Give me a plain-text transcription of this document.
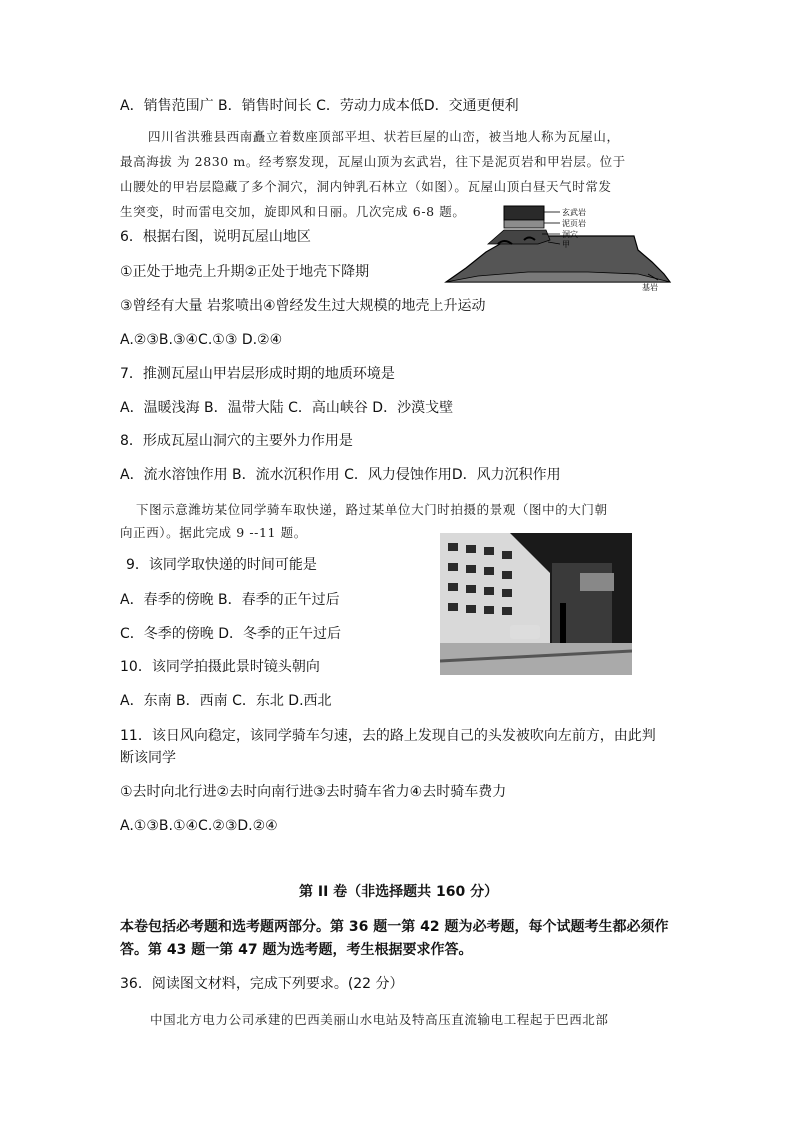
A．销售范围广 B．销售时间长 C．劳动力成本低D．交通更便利
四川省洪雅县西南矗立着数座顶部平坦、状若巨屋的山峦，被当地人称为瓦屋山，
最高海拔 为 2830 m。经考察发现，瓦屋山顶为玄武岩，往下是泥页岩和甲岩层。位于
山腰处的甲岩层隐藏了多个洞穴，洞内钟乳石林立（如图）。瓦屋山顶白昼天气时常发
生突变，时而雷电交加，旋即风和日丽。几次完成 6-8 题。	玄武岩
泥页岩
洞穴
甲
基岩
瓦屋山地质构造
6．根据右图，说明瓦屋山地区
①正处于地壳上升期②正处于地壳下降期
③曾经有大量 岩浆喷出④曾经发生过大规模的地壳上升运动
A.②③B.③④C.①③ D.②④
7．推测瓦屋山甲岩层形成时期的地质环境是
A．温暖浅海 B．温带大陆 C．高山峡谷 D．沙漠戈壁
8．形成瓦屋山洞穴的主要外力作用是
A．流水溶蚀作用 B．流水沉积作用 C．风力侵蚀作用D．风力沉积作用
下图示意潍坊某位同学骑车取快递，路过某单位大门时拍摄的景观（图中的大门朝
向正西）。据此完成 9 --11 题。
9．该同学取快递的时间可能是
A．春季的傍晚 B．春季的正午过后
C．冬季的傍晚 D．冬季的正午过后
10．该同学拍摄此景时镜头朝向
A．东南 B．西南 C．东北 D.西北
11．该日风向稳定，该同学骑车匀速，去的路上发现自己的头发被吹向左前方，由此判
断该同学
①去时向北行进②去时向南行进③去时骑车省力④去时骑车费力
A.①③B.①④C.②③D.②④
第 II 卷（非选择题共 160 分）
本卷包括必考题和选考题两部分。第 36 题一第 42 题为必考题，每个试题考生都必须作
答。第 43 题一第 47 题为选考题，考生根据要求作答。
36．阅读图文材料，完成下列要求。(22 分）
中国北方电力公司承建的巴西美丽山水电站及特高压直流输电工程起于巴西北部
